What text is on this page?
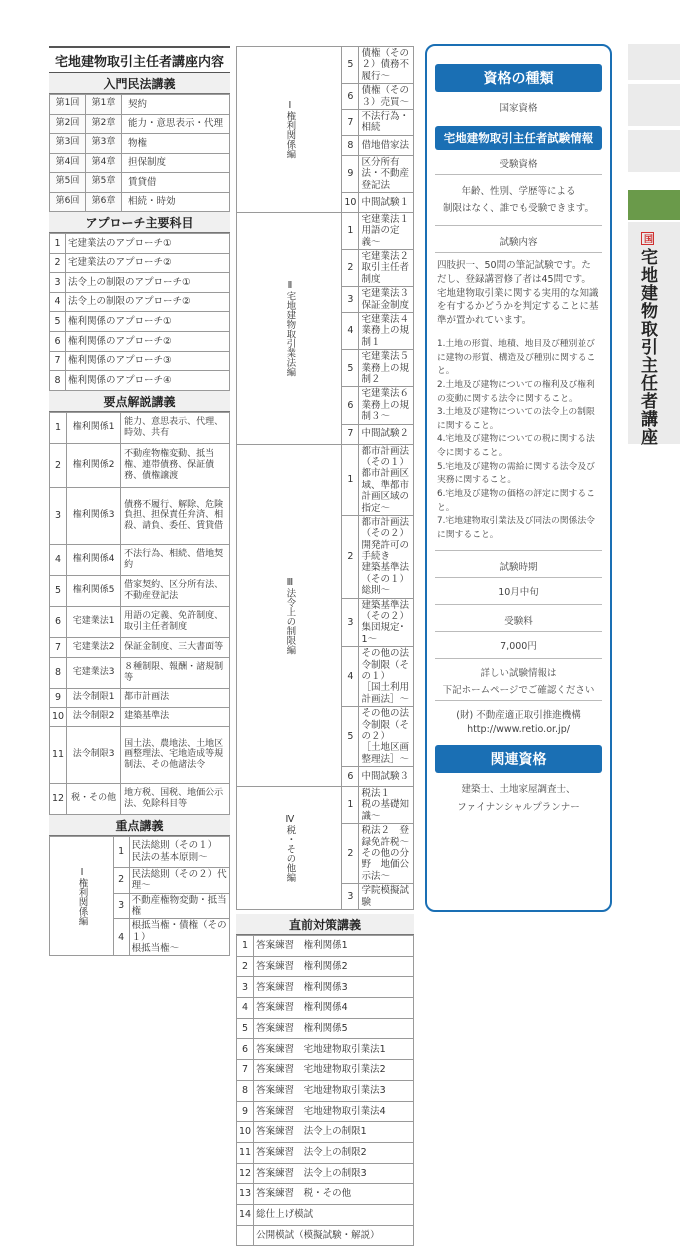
宅地建物取引主任者講座内容
入門民法講義
第1回	第1章	契約
第2回	第2章	能力・意思表示・代理
第3回	第3章	物権
第4回	第4章	担保制度
第5回	第5章	賃貸借
第6回	第6章	相続・時効
アプローチ主要科目
1	宅建業法のアプローチ①
2	宅建業法のアプローチ②
3	法令上の制限のアプローチ①
4	法令上の制限のアプローチ②
5	権利関係のアプローチ①
6	権利関係のアプローチ②
7	権利関係のアプローチ③
8	権利関係のアプローチ④
要点解説講義
1	権利関係1	能力、意思表示、代理、時効、共有
2	権利関係2	不動産物権変動、抵当権、連帯債務、保証債務、債権譲渡
3	権利関係3	債務不履行、解除、危険負担、担保責任弁済、相殺、請負、委任、賃貸借
4	権利関係4	不法行為、相続、借地契約
5	権利関係5	借家契約、区分所有法、不動産登記法
6	宅建業法1	用語の定義、免許制度、取引主任者制度
7	宅建業法2	保証金制度、三大書面等
8	宅建業法3	８種制限、報酬・諸規制等
9	法令制限1	都市計画法
10	法令制限2	建築基準法
11	法令制限3	国土法、農地法、土地区画整理法、宅地造成等規制法、その他諸法令
12	税・その他	地方税、国税、地価公示法、免除科目等
重点講義
Ⅰ権利関係編	1	民法総則（その１）
民法の基本原則〜
	2	民法総則（その２）代理〜
	3	不動産権物変動・抵当権
	4	根抵当権・債権（その１）
根抵当権〜
Ⅰ権利関係編	5	債権（その２）債務不履行〜
	6	債権（その３）売買〜
	7	不法行為・相続
	8	借地借家法
	9	区分所有法・不動産登記法
	10	中間試験１
Ⅱ宅地建物取引業法編	1	宅建業法１　用語の定義〜
	2	宅建業法２　取引主任者制度
	3	宅建業法３　保証金制度
	4	宅建業法４　業務上の規制１
	5	宅建業法５　業務上の規制２
	6	宅建業法６　業務上の規制３〜
	7	中間試験２
Ⅲ法令上の制限編	1	都市計画法（その１）
都市計画区域、準都市計画区域の指定〜
	2	都市計画法（その２）
開発許可の手続き
建築基準法（その１）総則〜
	3	建築基準法（その２）
集団規定･1〜
	4	その他の法令制限（その１）
［国土利用計画法］〜
	5	その他の法令制限（その２）
［土地区画整理法］〜
	6	中間試験３
Ⅳ税・その他編	1	税法１
税の基礎知識〜
	2	税法２　登録免許税〜
その他の分野　地価公示法〜
	3	学院模擬試験
直前対策講義
1	答案練習　権利関係1
2	答案練習　権利関係2
3	答案練習　権利関係3
4	答案練習　権利関係4
5	答案練習　権利関係5
6	答案練習　宅地建物取引業法1
7	答案練習　宅地建物取引業法2
8	答案練習　宅地建物取引業法3
9	答案練習　宅地建物取引業法4
10	答案練習　法令上の制限1
11	答案練習　法令上の制限2
12	答案練習　法令上の制限3
13	答案練習　税・その他
14	総仕上げ模試
	公開模試（模擬試験・解説）
資格の種類
国家資格
宅地建物取引主任者試験情報
受験資格
年齢、性別、学歴等による
制限はなく、誰でも受験できます。
試験内容
四肢択一、50問の筆記試験です。ただし、登録講習修了者は45問です。
宅地建物取引業に関する実用的な知識を有するかどうかを判定することに基準が置かれています。
1.土地の形質、地積、地目及び種別並びに建物の形質、構造及び種別に関すること。
2.土地及び建物についての権利及び権利の変動に関する法令に関すること。
3.土地及び建物についての法令上の制限に関すること。
4.宅地及び建物についての税に関する法令に関すること。
5.宅地及び建物の需給に関する法令及び実務に関すること。
6.宅地及び建物の価格の評定に関すること。
7.宅地建物取引業法及び同法の関係法令に関すること。
試験時期
10月中旬
受験料
7,000円
詳しい試験情報は
下記ホームページでご確認ください
(財) 不動産適正取引推進機構
http://www.retio.or.jp/
関連資格
建築士、土地家屋調査士、
ファイナンシャルプランナー
国宅地建物取引主任者講座
